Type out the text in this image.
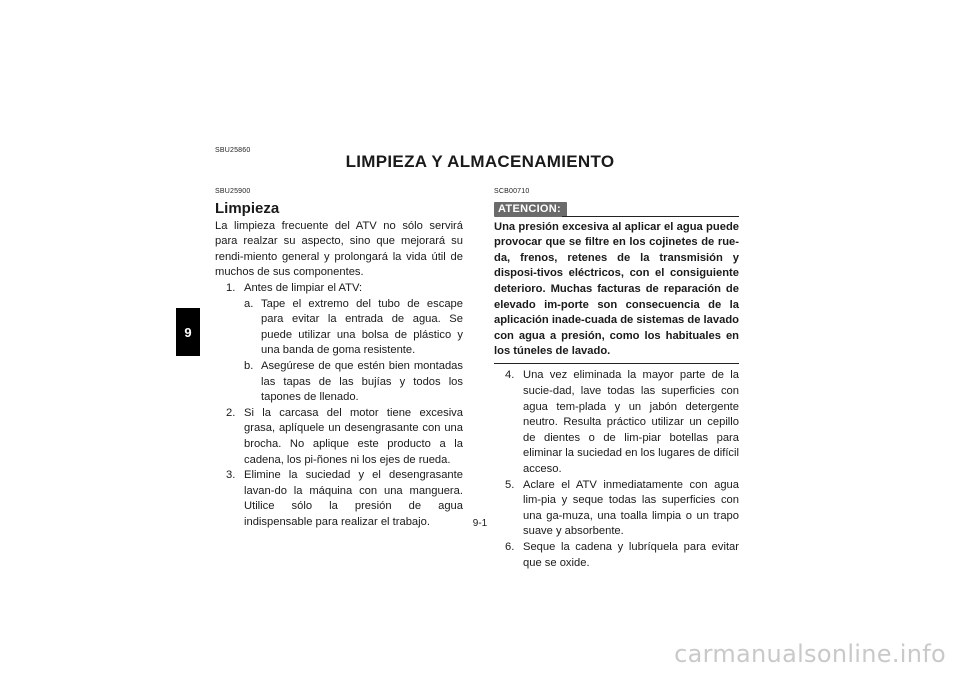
SBU25860
LIMPIEZA Y ALMACENAMIENTO
9
SBU25900
Limpieza

La limpieza frecuente del ATV no sólo servirá para realzar su aspecto, sino que mejorará su rendi-miento general y prolongará la vida útil de muchos de sus componentes.

1. Antes de limpiar el ATV:
a. Tape el extremo del tubo de escape para evitar la entrada de agua. Se puede utilizar una bolsa de plástico y una banda de goma resistente.
b. Asegúrese de que estén bien montadas las tapas de las bujías y todos los tapones de llenado.
2. Si la carcasa del motor tiene excesiva grasa, aplíquele un desengrasante con una brocha. No aplique este producto a la cadena, los pi-ñones ni los ejes de rueda.
3. Elimine la suciedad y el desengrasante lavan-do la máquina con una manguera. Utilice sólo la presión de agua indispensable para realizar el trabajo.
SCB00710
ATENCION:
Una presión excesiva al aplicar el agua puede provocar que se filtre en los cojinetes de rue-da, frenos, retenes de la transmisión y disposi-tivos eléctricos, con el consiguiente deterioro. Muchas facturas de reparación de elevado im-porte son consecuencia de la aplicación inade-cuada de sistemas de lavado con agua a presión, como los habituales en los túneles de lavado.
4. Una vez eliminada la mayor parte de la sucie-dad, lave todas las superficies con agua tem-plada y un jabón detergente neutro. Resulta práctico utilizar un cepillo de dientes o de lim-piar botellas para eliminar la suciedad en los lugares de difícil acceso.
5. Aclare el ATV inmediatamente con agua lim-pia y seque todas las superficies con una ga-muza, una toalla limpia o un trapo suave y absorbente.
6. Seque la cadena y lubríquela para evitar que se oxide.
9-1
carmanualsonline.info
